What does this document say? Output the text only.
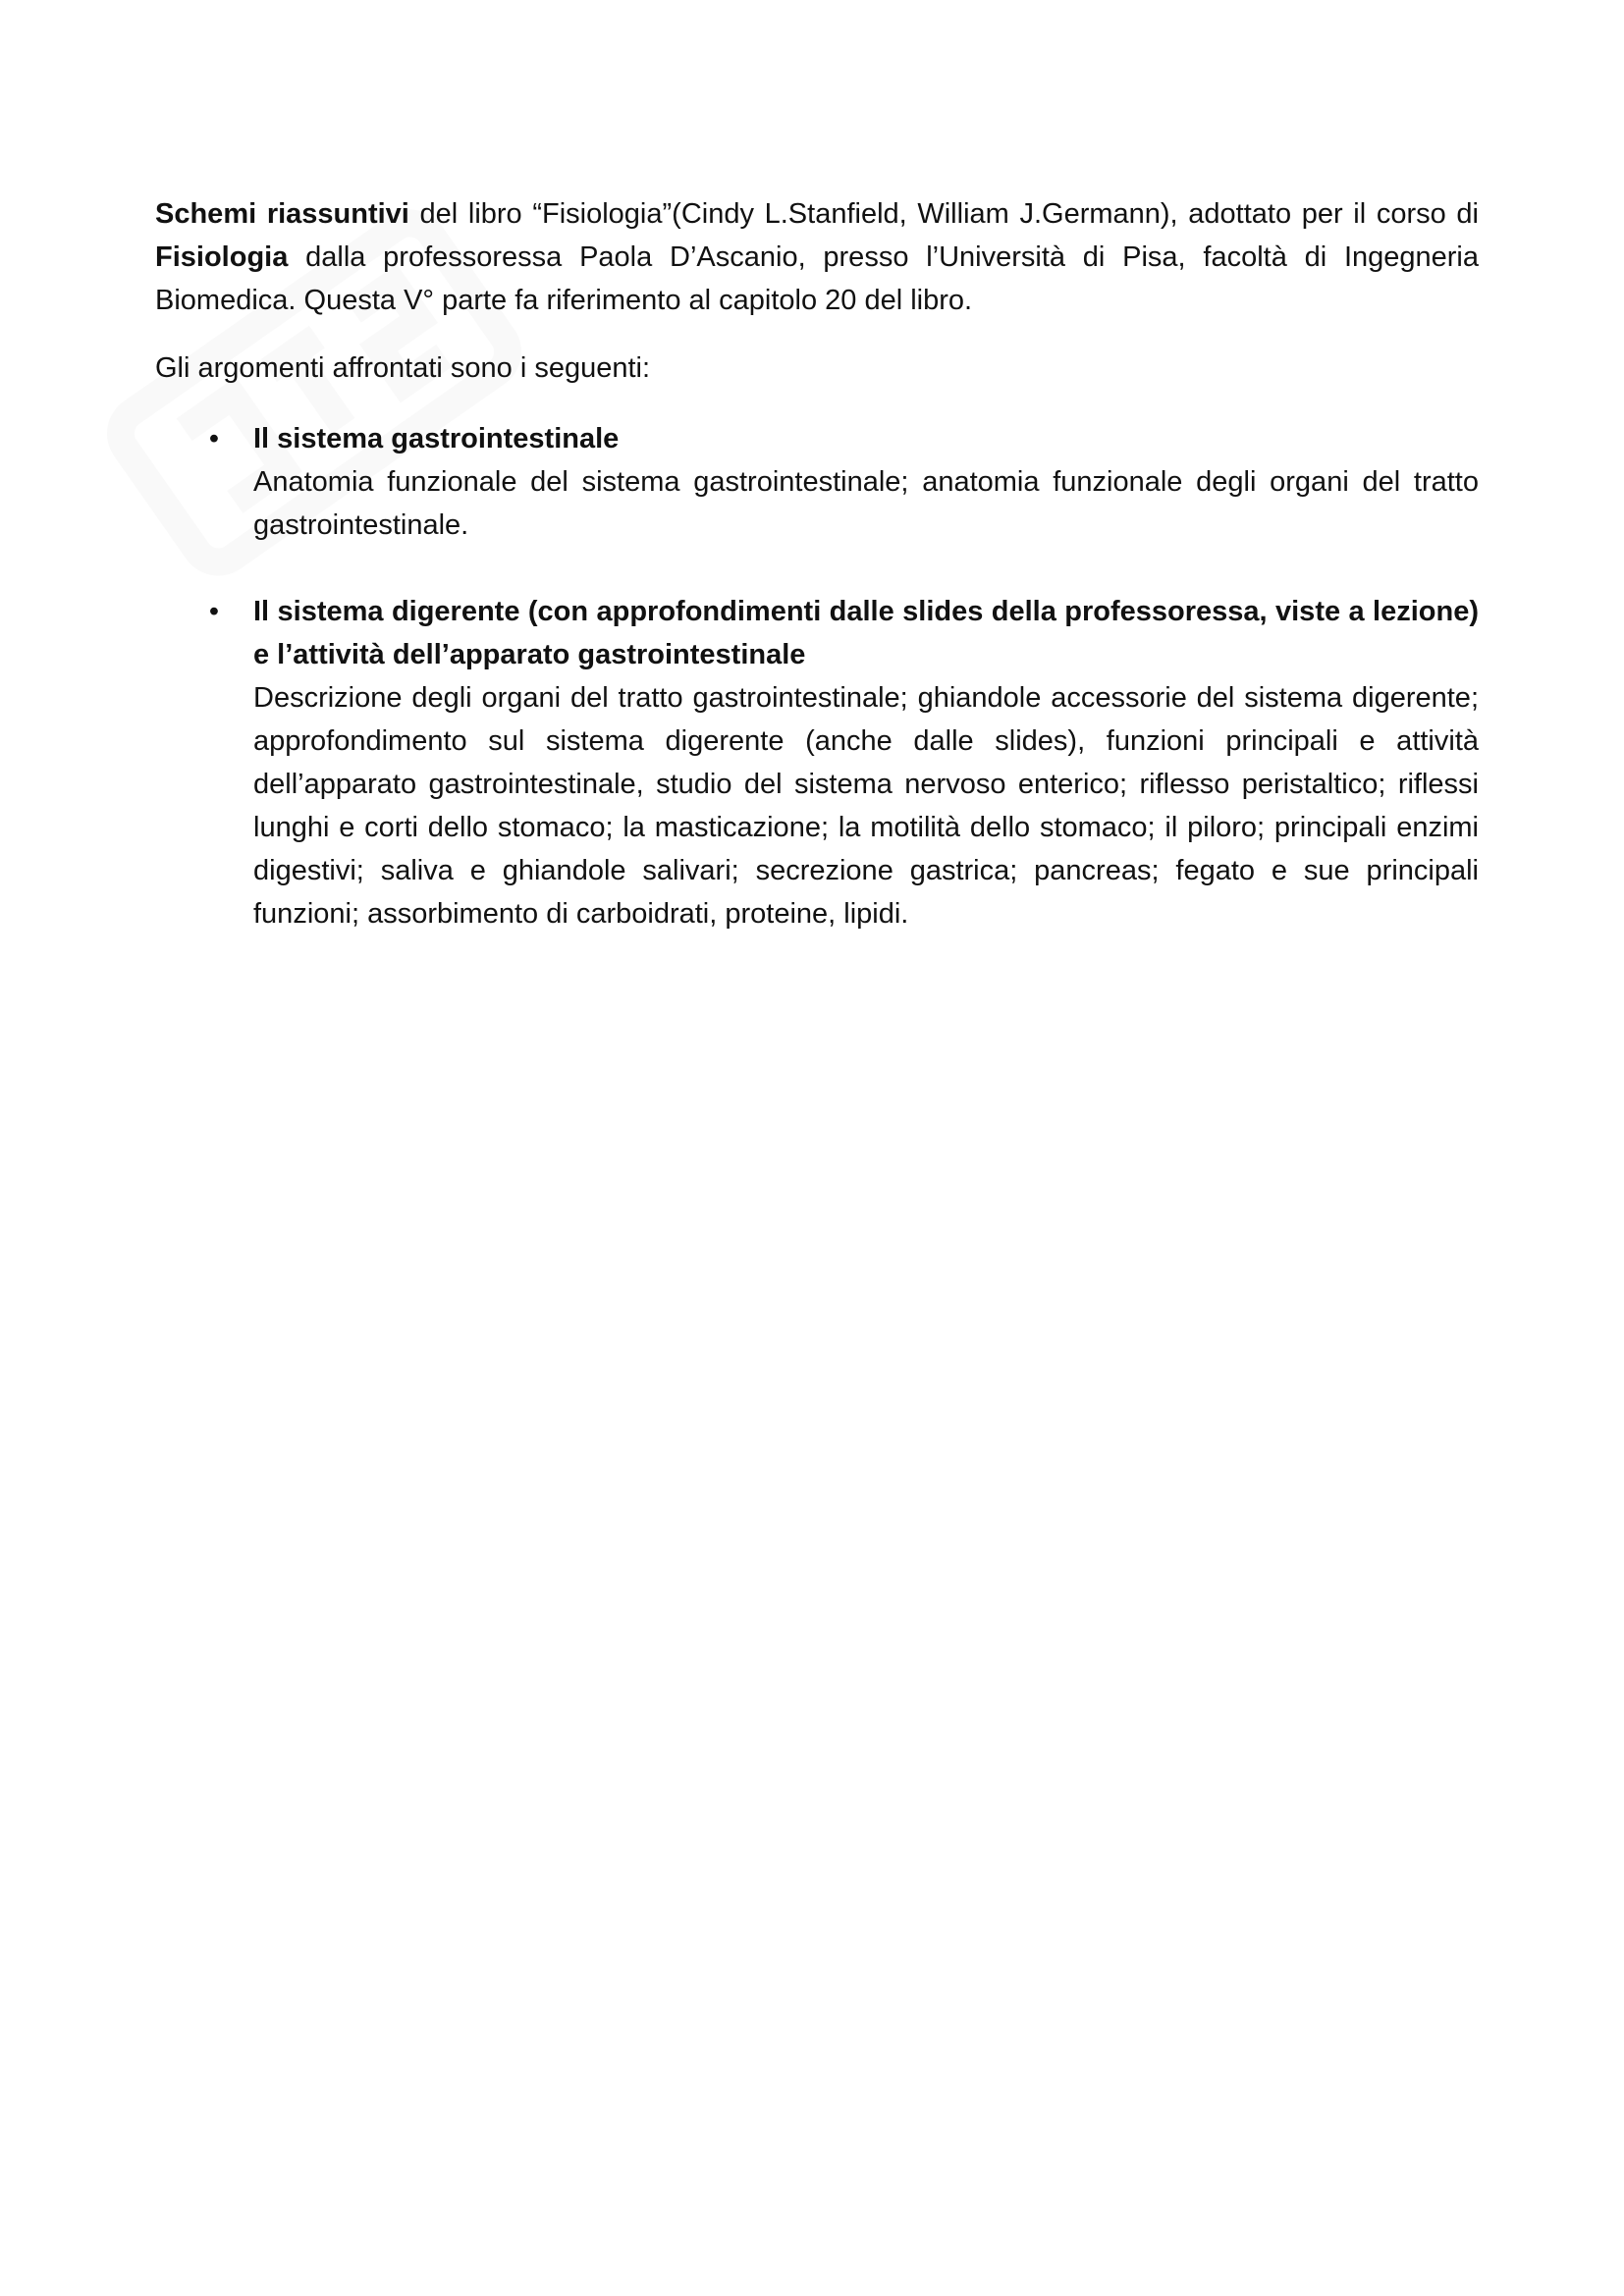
Schemi riassuntivi del libro “Fisiologia”(Cindy L.Stanfield, William J.Germann), adottato per il corso di Fisiologia dalla professoressa Paola D’Ascanio, presso l’Università di Pisa, facoltà di Ingegneria Biomedica. Questa V° parte fa riferimento al capitolo 20 del libro.

Gli argomenti affrontati sono i seguenti:

• Il sistema gastrointestinale
Anatomia funzionale del sistema gastrointestinale; anatomia funzionale degli organi del tratto gastrointestinale.
• Il sistema digerente (con approfondimenti dalle slides della professoressa, viste a lezione) e l’attività dell’apparato gastrointestinale
Descrizione degli organi del tratto gastrointestinale; ghiandole accessorie del sistema digerente; approfondimento sul sistema digerente (anche dalle slides), funzioni principali e attività dell’apparato gastrointestinale, studio del sistema nervoso enterico; riflesso peristaltico; riflessi lunghi e corti dello stomaco; la masticazione; la motilità dello stomaco; il piloro; principali enzimi digestivi; saliva e ghiandole salivari; secrezione gastrica; pancreas; fegato e sue principali funzioni; assorbimento di carboidrati, proteine, lipidi.
